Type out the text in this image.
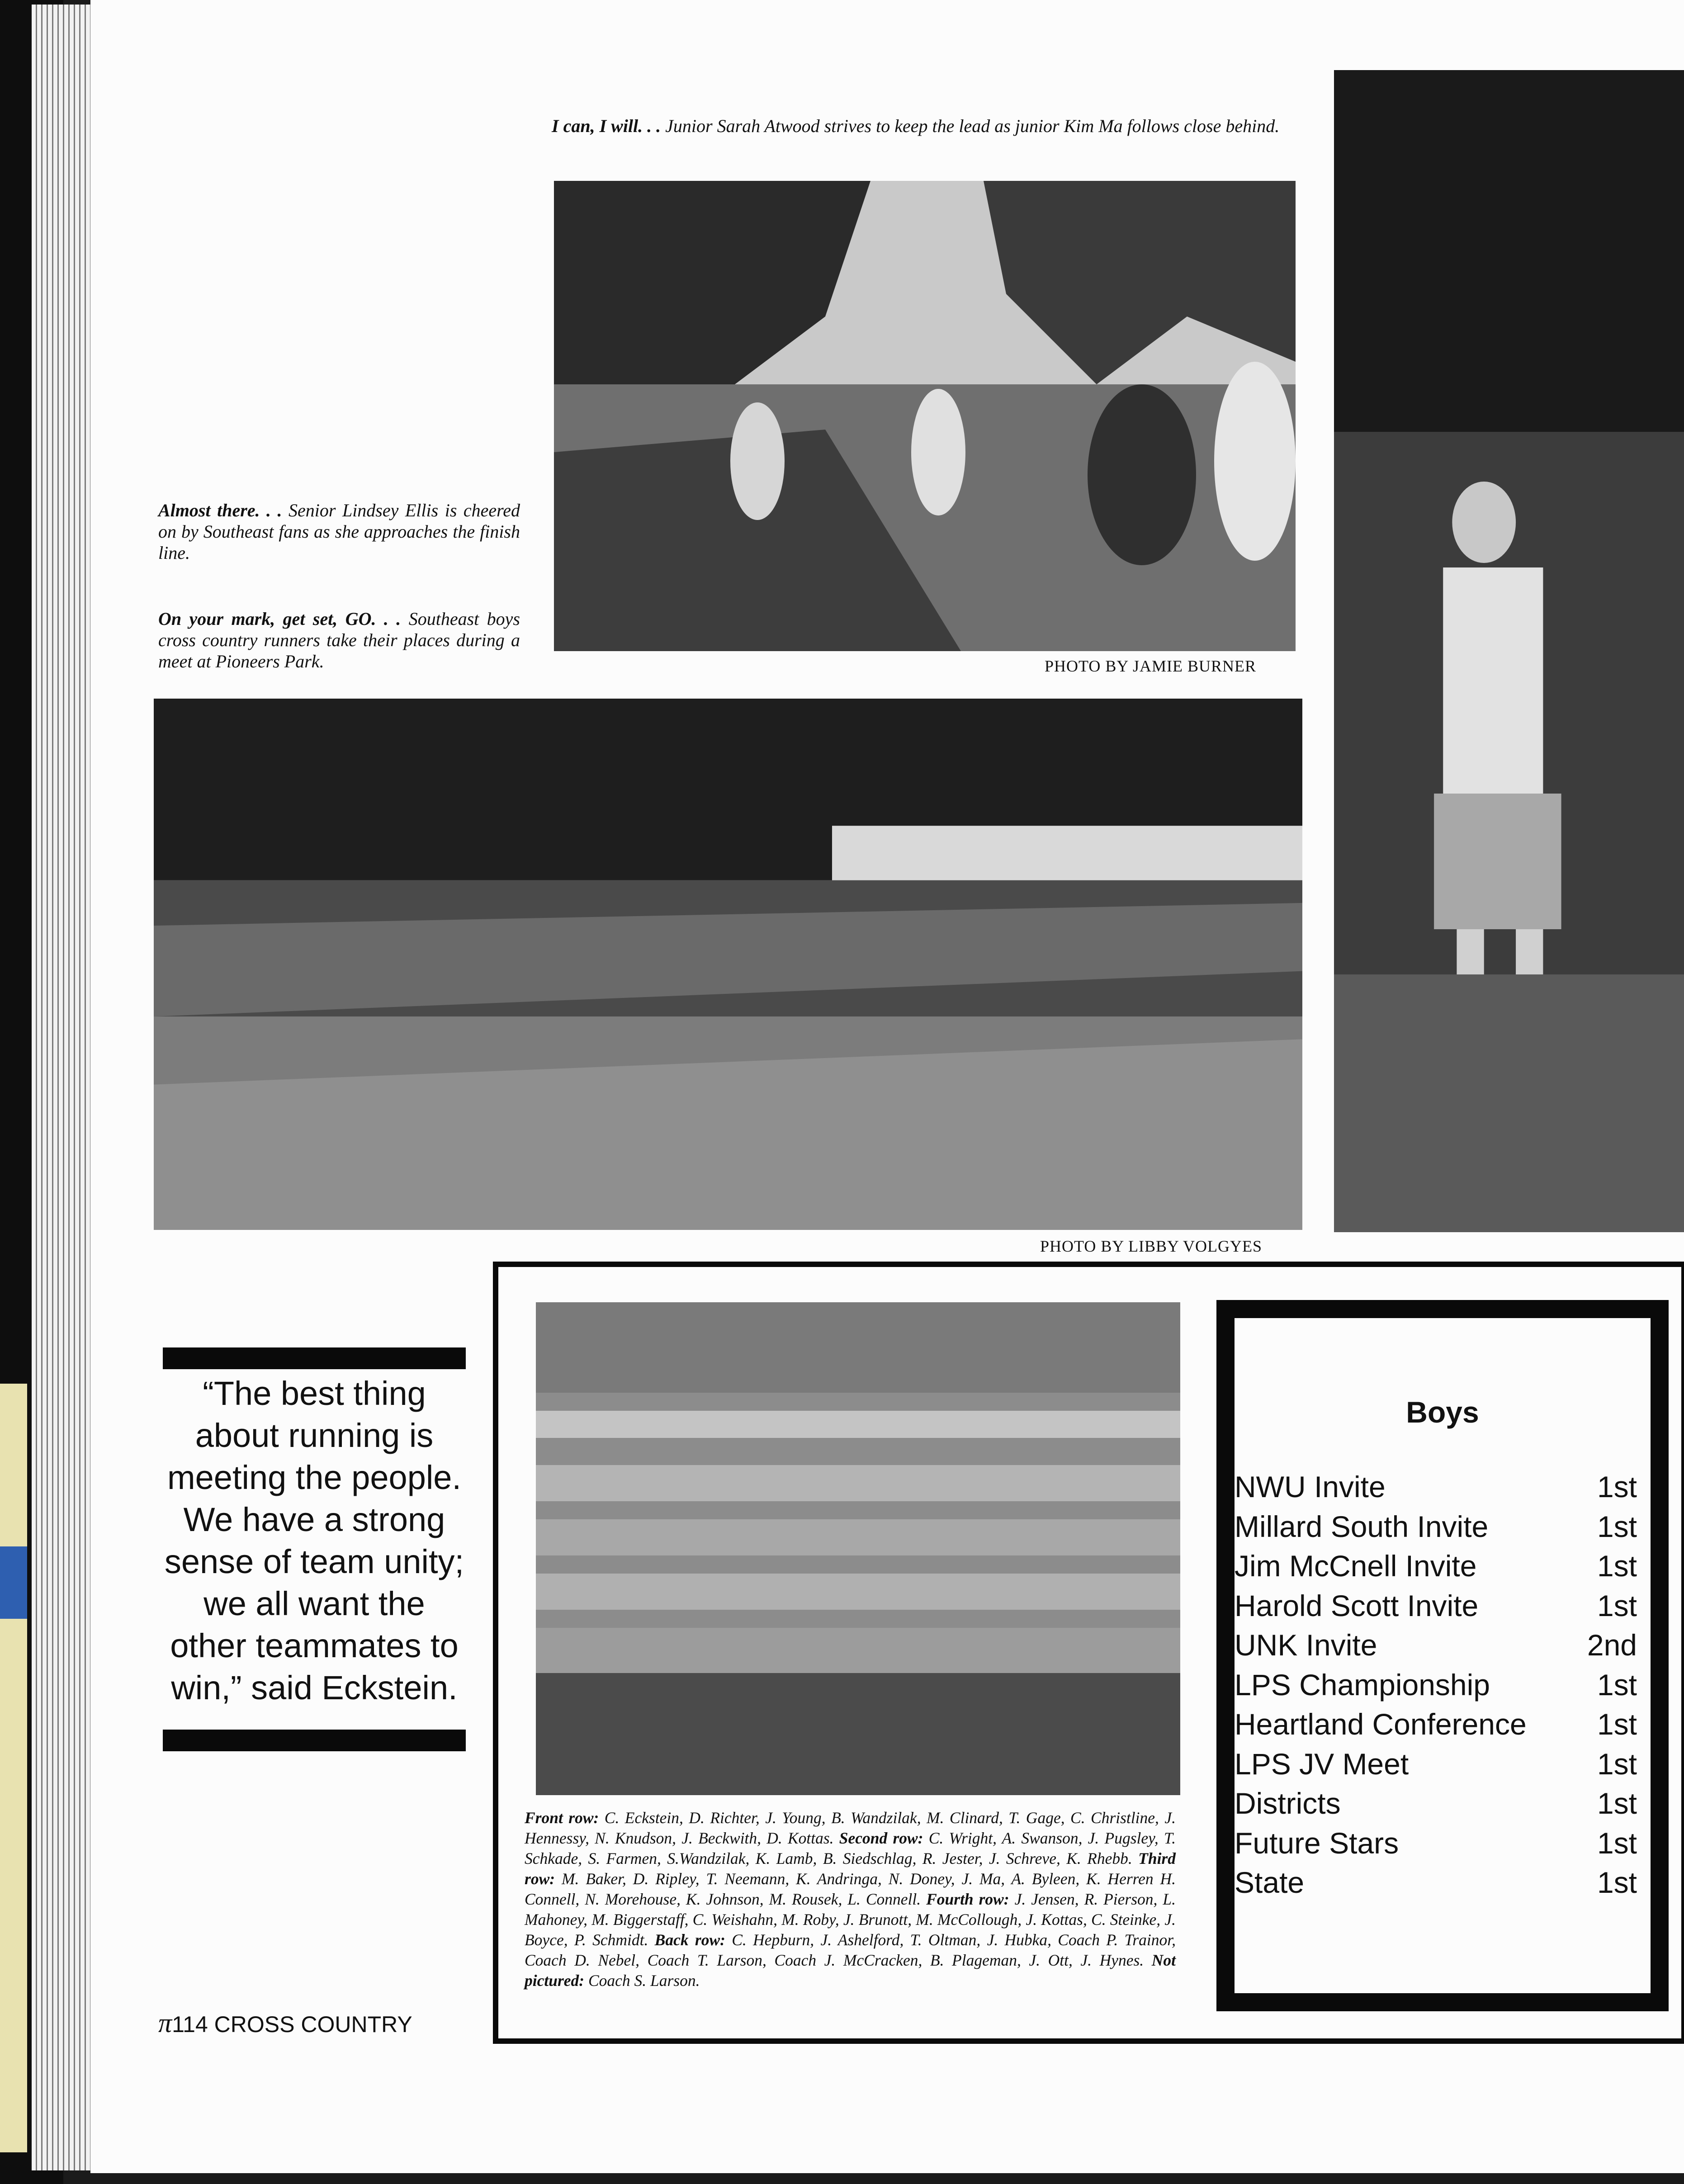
I can, I will. . . Junior Sarah Atwood strives to keep the lead as junior Kim Ma follows close behind.
PHOTO BY JAMIE BURNER
Almost there. . . Senior Lindsey Ellis is cheered on by Southeast fans as she approaches the finish line.
On your mark, get set, GO. . . Southeast boys cross country runners take their places during a meet at Pioneers Park.
PHOTO BY LIBBY VOLGYES
“The best thing
about running is
meeting the people.
We have a strong
sense of team unity;
we all want the
other teammates to
win,” said Eckstein.
Front row: C. Eckstein, D. Richter, J. Young, B. Wandzilak, M. Clinard, T. Gage, C. Christline, J. Hennessy, N. Knudson, J. Beckwith, D. Kottas. Second row: C. Wright, A. Swanson, J. Pugsley, T. Schkade, S. Farmen, S.Wandzilak, K. Lamb, B. Siedschlag, R. Jester, J. Schreve, K. Rhebb. Third row: M. Baker, D. Ripley, T. Neemann, K. Andringa, N. Doney, J. Ma, A. Byleen, K. Herren H. Connell, N. Morehouse, K. Johnson, M. Rousek, L. Connell. Fourth row: J. Jensen, R. Pierson, L. Mahoney, M. Biggerstaff, C. Weishahn, M. Roby, J. Brunott, M. McCollough, J. Kottas, C. Steinke, J. Boyce, P. Schmidt. Back row: C. Hepburn, J. Ashelford, T. Oltman, J. Hubka, Coach P. Trainor, Coach D. Nebel, Coach T. Larson, Coach J. McCracken, B. Plageman, J. Ott, J. Hynes. Not pictured: Coach S. Larson.
Boys
NWU Invite	1st
Millard South Invite	1st
Jim McCnell Invite	1st
Harold Scott Invite	1st
UNK Invite	2nd
LPS Championship	1st
Heartland Conference 1st
LPS JV Meet	1st
Districts	1st
Future Stars	1st
State	1st
π114 CROSS COUNTRY
